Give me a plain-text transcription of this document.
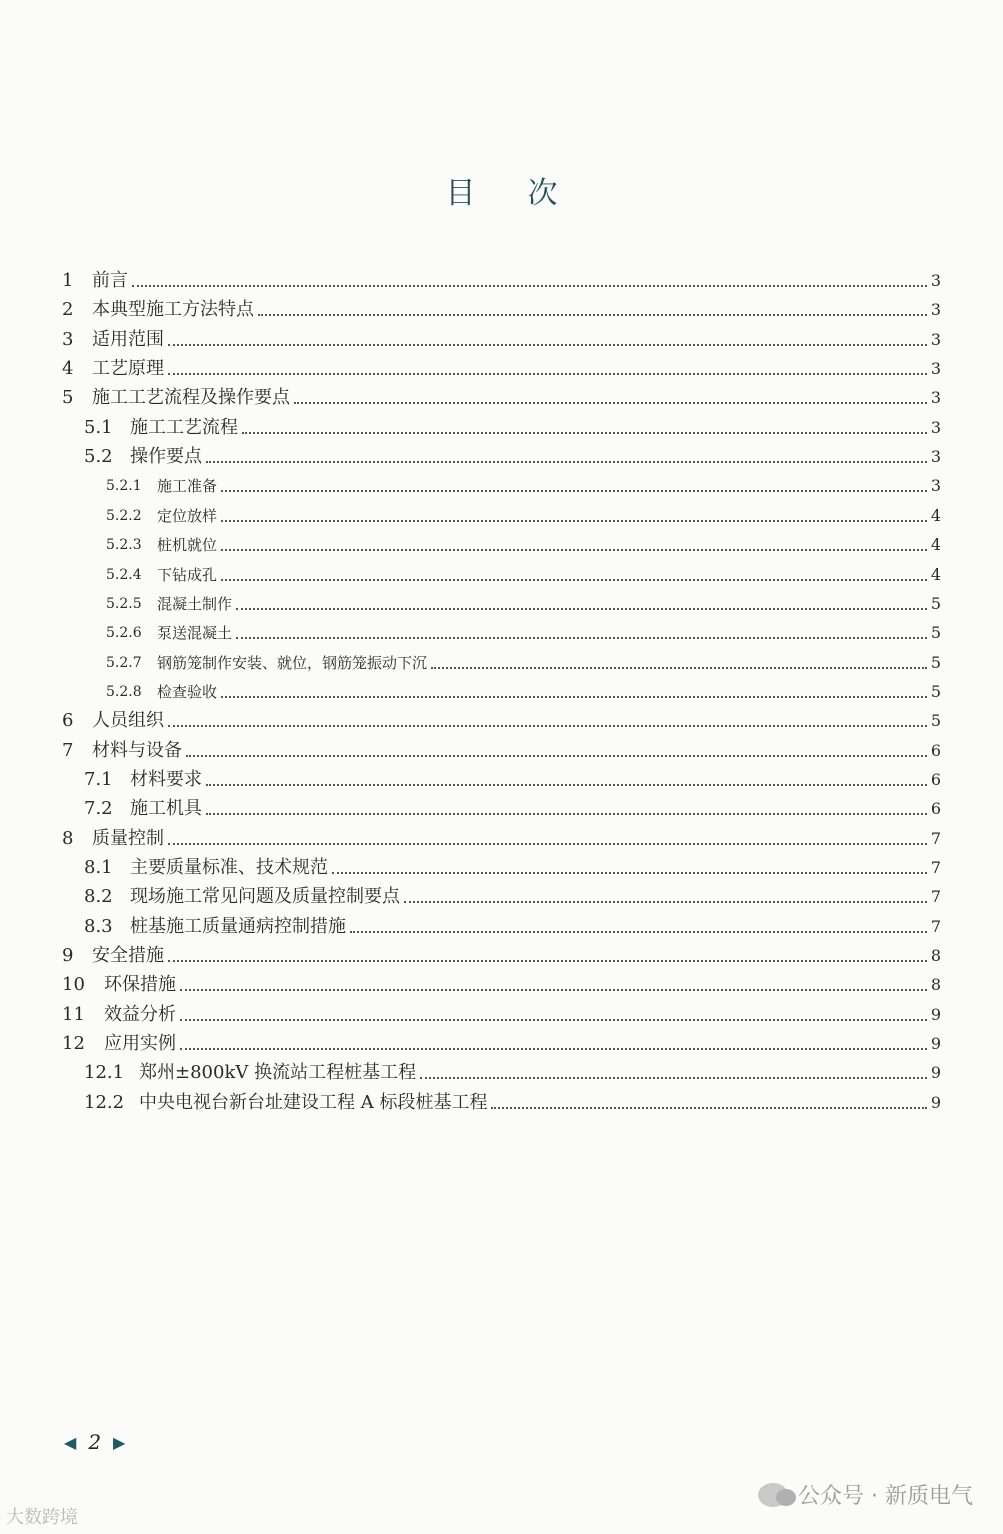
目次
1	前言	3
2	本典型施工方法特点	3
3	适用范围	3
4	工艺原理	3
5	施工工艺流程及操作要点	3
5.1 施工工艺流程	3
5.2 操作要点	3
5.2.1	施工准备	3
5.2.2	定位放样	4
5.2.3	桩机就位	4
5.2.4	下钻成孔	4
5.2.5	混凝土制作	5
5.2.6	泵送混凝土	5
5.2.7	钢筋笼制作安装、就位，钢筋笼振动下沉	5
5.2.8	检查验收	5
6	人员组织	5
7	材料与设备	6
7.1 材料要求	6
7.2 施工机具	6
8	质量控制	7
8.1 主要质量标准、技术规范	7
8.2 现场施工常见问题及质量控制要点	7
8.3 桩基施工质量通病控制措施	7
9	安全措施	8
10	环保措施	8
11	效益分析	9
12	应用实例	9
12.1 郑州±800kV 换流站工程桩基工程	9
12.2 中央电视台新台址建设工程 A 标段桩基工程	9
◀ 2 ▶
大数跨境
公众号 · 新质电气
